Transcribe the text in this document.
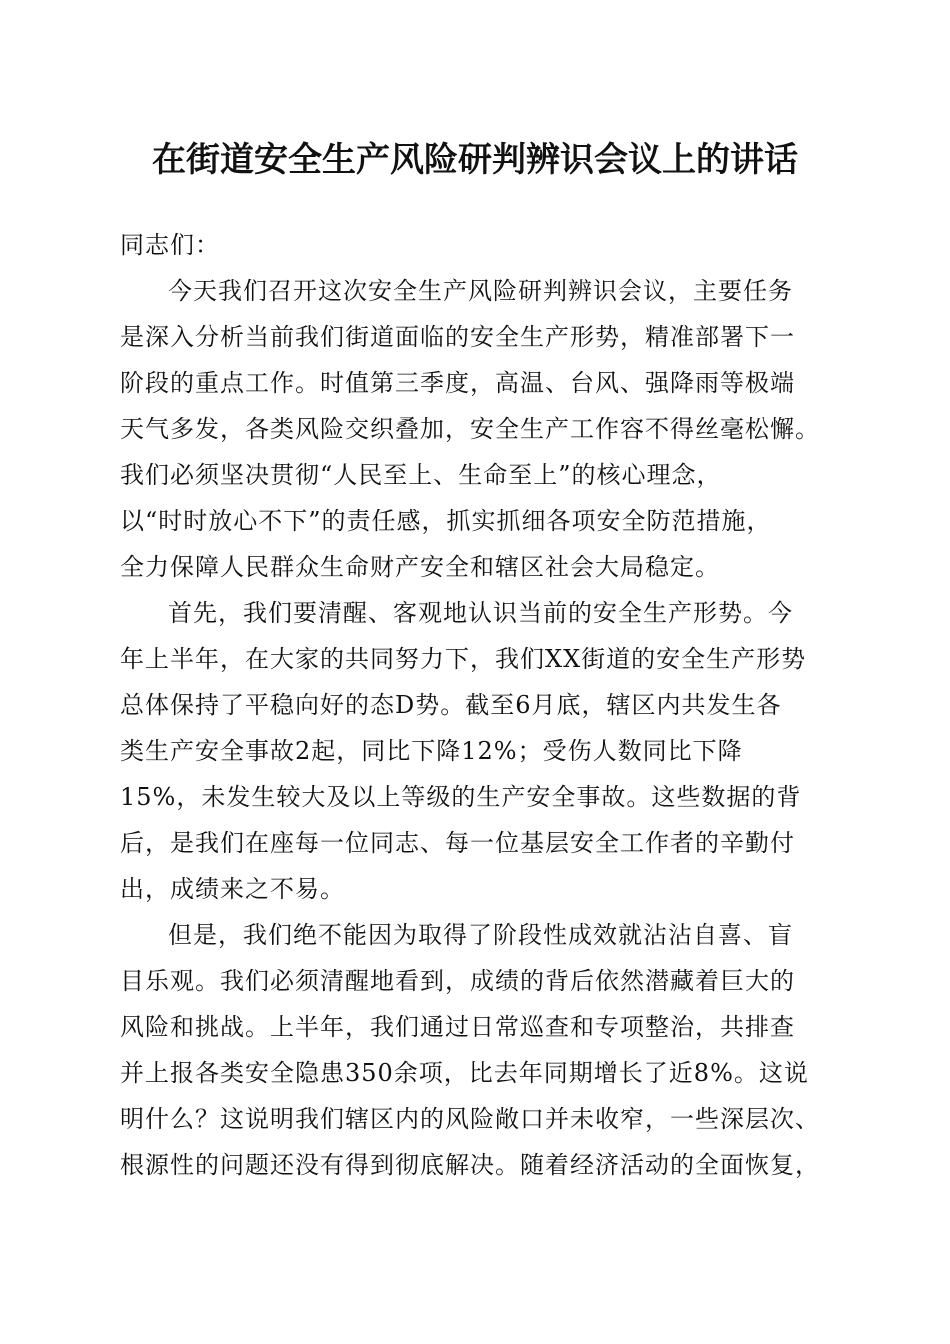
在街道安全生产风险研判辨识会议上的讲话

同志们：

今天我们召开这次安全生产风险研判辨识会议，主要任务
是深入分析当前我们街道面临的安全生产形势，精准部署下一
阶段的重点工作。时值第三季度，高温、台风、强降雨等极端
天气多发，各类风险交织叠加，安全生产工作容不得丝毫松懈。
我们必须坚决贯彻“人民至上、生命至上”的核心理念，
以“时时放心不下”的责任感，抓实抓细各项安全防范措施，
全力保障人民群众生命财产安全和辖区社会大局稳定。

首先，我们要清醒、客观地认识当前的安全生产形势。今
年上半年，在大家的共同努力下，我们XX街道的安全生产形势
总体保持了平稳向好的态D势。截至6月底，辖区内共发生各
类生产安全事故2起，同比下降12%；受伤人数同比下降
15%，未发生较大及以上等级的生产安全事故。这些数据的背
后，是我们在座每一位同志、每一位基层安全工作者的辛勤付
出，成绩来之不易。

但是，我们绝不能因为取得了阶段性成效就沾沾自喜、盲
目乐观。我们必须清醒地看到，成绩的背后依然潜藏着巨大的
风险和挑战。上半年，我们通过日常巡查和专项整治，共排查
并上报各类安全隐患350余项，比去年同期增长了近8%。这说
明什么？这说明我们辖区内的风险敞口并未收窄，一些深层次、
根源性的问题还没有得到彻底解决。随着经济活动的全面恢复，
